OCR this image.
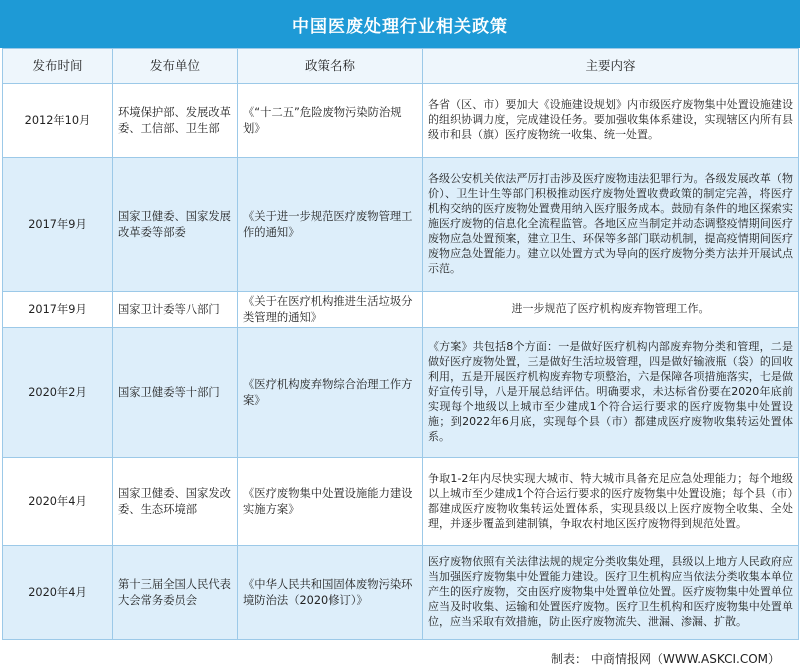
中国医废处理行业相关政策
发布时间	发布单位	政策名称	主要内容
2012年10月	环境保护部、发展改革委、工信部、卫生部	《“十二五”危险废物污染防治规划》	各省（区、市）要加大《设施建设规划》内市级医疗废物集中处置设施建设的组织协调力度，完成建设任务。要加强收集体系建设，实现辖区内所有县级市和县（旗）医疗废物统一收集、统一处置。
2017年9月	国家卫健委、国家发展改革委等部委	《关于进一步规范医疗废物管理工作的通知》	各级公安机关依法严厉打击涉及医疗废物违法犯罪行为。各级发展改革（物价）、卫生计生等部门积极推动医疗废物处置收费政策的制定完善，将医疗机构交纳的医疗废物处置费用纳入医疗服务成本。鼓励有条件的地区探索实施医疗废物的信息化全流程监管。各地区应当制定并动态调整疫情期间医疗废物应急处置预案，建立卫生、环保等多部门联动机制，提高疫情期间医疗废物应急处置能力。建立以处置方式为导向的医疗废物分类方法并开展试点示范。
2017年9月	国家卫计委等八部门	《关于在医疗机构推进生活垃圾分类管理的通知》	进一步规范了医疗机构废弃物管理工作。
2020年2月	国家卫健委等十部门	《医疗机构废弃物综合治理工作方案》	《方案》共包括8个方面：一是做好医疗机构内部废弃物分类和管理，二是做好医疗废物处置，三是做好生活垃圾管理，四是做好输液瓶（袋）的回收利用，五是开展医疗机构废弃物专项整治，六是保障各项措施落实，七是做好宣传引导，八是开展总结评估。明确要求，未达标省份要在2020年底前实现每个地级以上城市至少建成1个符合运行要求的医疗废物集中处置设施；到2022年6月底，实现每个县（市）都建成医疗废物收集转运处置体系。
2020年4月	国家卫健委、国家发改委、生态环境部	《医疗废物集中处置设施能力建设实施方案》	争取1-2年内尽快实现大城市、特大城市具备充足应急处理能力；每个地级以上城市至少建成1个符合运行要求的医疗废物集中处置设施；每个县（市）都建成医疗废物收集转运处置体系，实现县级以上医疗废物全收集、全处理，并逐步覆盖到建制镇，争取农村地区医疗废物得到规范处置。
2020年4月	第十三届全国人民代表大会常务委员会	《中华人民共和国固体废物污染环境防治法（2020修订）》	医疗废物依照有关法律法规的规定分类收集处理，县级以上地方人民政府应当加强医疗废物集中处置能力建设。医疗卫生机构应当依法分类收集本单位产生的医疗废物，交由医疗废物集中处置单位处置。医疗废物集中处置单位应当及时收集、运输和处置医疗废物。医疗卫生机构和医疗废物集中处置单位，应当采取有效措施，防止医疗废物流失、泄漏、渗漏、扩散。
制表： 中商情报网（WWW.ASKCI.COM）
